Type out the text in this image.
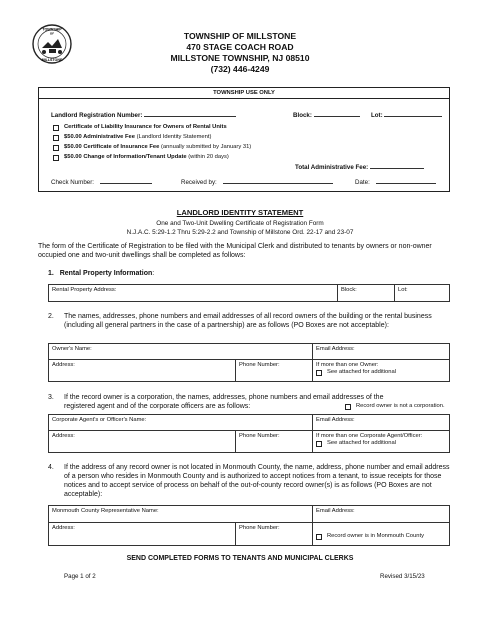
TOWNSHIP
OF
MILLSTONE
TOWNSHIP OF MILLSTONE
470 STAGE COACH ROAD
MILLSTONE TOWNSHIP, NJ 08510
(732) 446-4249
TOWNSHIP USE ONLY
Landlord Registration Number:	Block:	Lot:
Certificate of Liability Insurance for Owners of Rental Units
$50.00 Administrative Fee
(Landlord Identity Statement)
$50.00 Certificate of Insurance Fee
(annually submitted by January 31)
$50.00 Change of Information/Tenant Update
(within 20 days)
Total Administrative Fee:
Check Number:	Received by:	Date:
LANDLORD IDENTITY STATEMENT
One and Two-Unit Dwelling Certificate of Registration Form
N.J.A.C. 5:29-1.2 Thru 5:29-2.2 and Township of Millstone Ord. 22-17 and 23-07
The form of the Certificate of Registration to be filed with the Municipal Clerk and distributed to tenants by owners or non-owner occupied one and two-unit dwellings shall be completed as follows:
1. Rental Property Information:
Rental Property Address:	Block:	Lot:
2. The names, addresses, phone numbers and email addresses of all record owners of the building or the rental business (including all general partners in the case of a partnership) are as follows (PO Boxes are not acceptable):
Owner's Name:	Email Address:
Address:	Phone Number:	If more than one Owner:
See attached for additional
3. If the record owner is a corporation, the names, addresses, phone numbers and email addresses of the
registered agent and of the corporate officers are as follows:	Record owner is not a corporation.
Corporate Agent's or Officer's Name:	Email Address:
Address:	Phone Number:	If more than one Corporate Agent/Officer:
See attached for additional
4. If the address of any record owner is not located in Monmouth County, the name, address, phone number and email address of a person who resides in Monmouth County and is authorized to accept notices from a tenant, to issue receipts for those notices and to accept service of process on behalf of the out-of-county record owner(s) is as follows (PO Boxes are not acceptable):
Monmouth County Representative Name:	Email Address:
Address:	Phone Number:
Record owner is in Monmouth County
SEND COMPLETED FORMS TO TENANTS AND MUNICIPAL CLERKS
Page 1 of 2	Revised 3/15/23
